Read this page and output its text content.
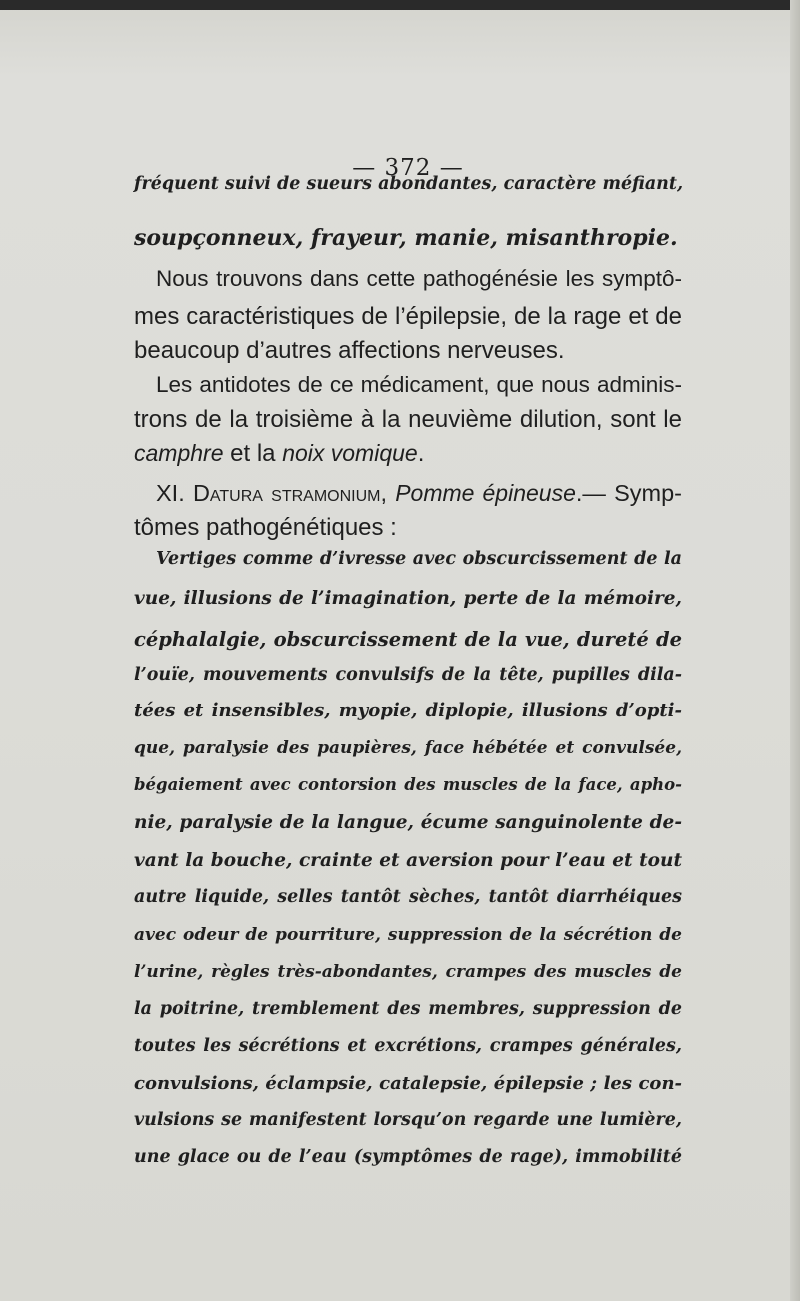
— 372 —
fréquent suivi de sueurs abondantes, caractère méfiant,
soupçonneux, frayeur, manie, misanthropie.
Nous trouvons dans cette pathogénésie les symptô-
mes caractéristiques de l’épilepsie, de la rage et de
beaucoup d’autres affections nerveuses.
Les antidotes de ce médicament, que nous adminis-
trons de la troisième à la neuvième dilution, sont le
camphre et la noix vomique.
XI. Datura stramonium, Pomme épineuse.— Symp-
tômes pathogénétiques :
Vertiges comme d’ivresse avec obscurcissement de la
vue, illusions de l’imagination, perte de la mémoire,
céphalalgie, obscurcissement de la vue, dureté de
l’ouïe, mouvements convulsifs de la tête, pupilles dila-
tées et insensibles, myopie, diplopie, illusions d’opti-
que, paralysie des paupières, face hébétée et convulsée,
bégaiement avec contorsion des muscles de la face, apho-
nie, paralysie de la langue, écume sanguinolente de-
vant la bouche, crainte et aversion pour l’eau et tout
autre liquide, selles tantôt sèches, tantôt diarrhéiques
avec odeur de pourriture, suppression de la sécrétion de
l’urine, règles très-abondantes, crampes des muscles de
la poitrine, tremblement des membres, suppression de
toutes les sécrétions et excrétions, crampes générales,
convulsions, éclampsie, catalepsie, épilepsie ; les con-
vulsions se manifestent lorsqu’on regarde une lumière,
une glace ou de l’eau (symptômes de rage), immobilité
